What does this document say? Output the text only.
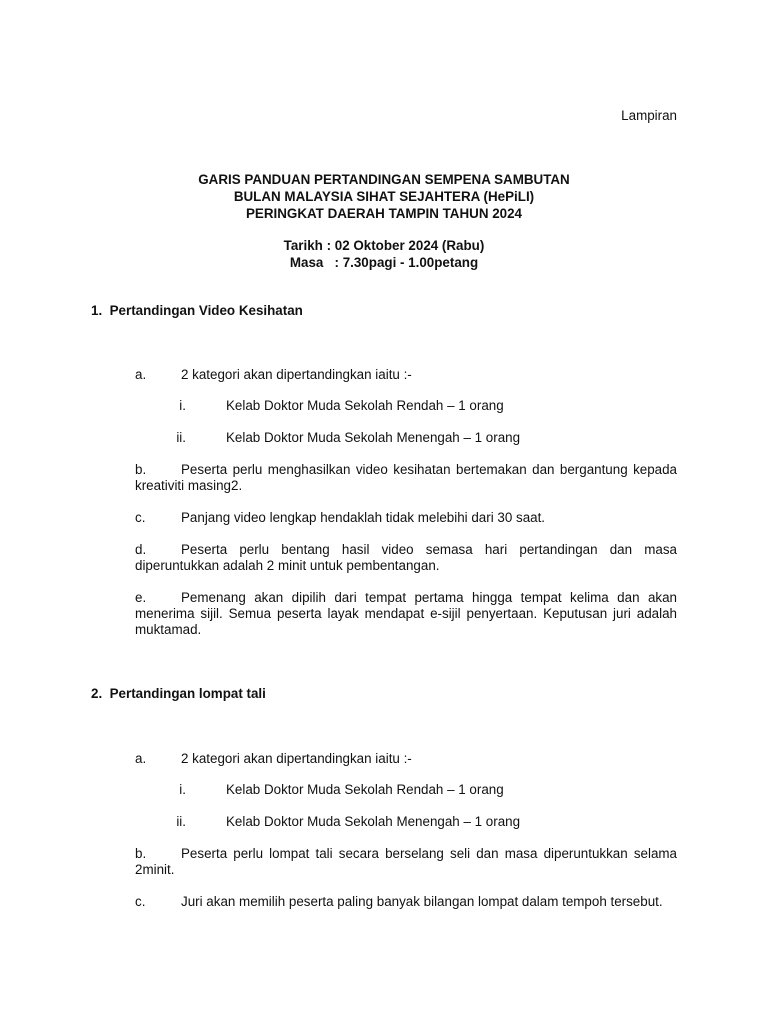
Lampiran
GARIS PANDUAN PERTANDINGAN SEMPENA SAMBUTAN
BULAN MALAYSIA SIHAT SEJAHTERA (HePiLI)
PERINGKAT DAERAH TAMPIN TAHUN 2024
Tarikh : 02 Oktober 2024 (Rabu)
Masa   : 7.30pagi - 1.00petang
1.  Pertandingan Video Kesihatan
a.	2 kategori akan dipertandingkan iaitu :-
i.	Kelab Doktor Muda Sekolah Rendah – 1 orang
ii.	Kelab Doktor Muda Sekolah Menengah – 1 orang
b.	Peserta perlu menghasilkan video kesihatan bertemakan dan bergantung kepada kreativiti masing2.
c.	Panjang video lengkap hendaklah tidak melebihi dari 30 saat.
d.	Peserta perlu bentang hasil video semasa hari pertandingan dan masa diperuntukkan adalah 2 minit untuk pembentangan.
e.	Pemenang akan dipilih dari tempat pertama hingga tempat kelima dan akan menerima sijil. Semua peserta layak mendapat e-sijil penyertaan. Keputusan juri adalah muktamad.
2.  Pertandingan lompat tali
a.	2 kategori akan dipertandingkan iaitu :-
i.	Kelab Doktor Muda Sekolah Rendah – 1 orang
ii.	Kelab Doktor Muda Sekolah Menengah – 1 orang
b.	Peserta perlu lompat tali secara berselang seli dan masa diperuntukkan selama 2minit.
c.	Juri akan memilih peserta paling banyak bilangan lompat dalam tempoh tersebut.
